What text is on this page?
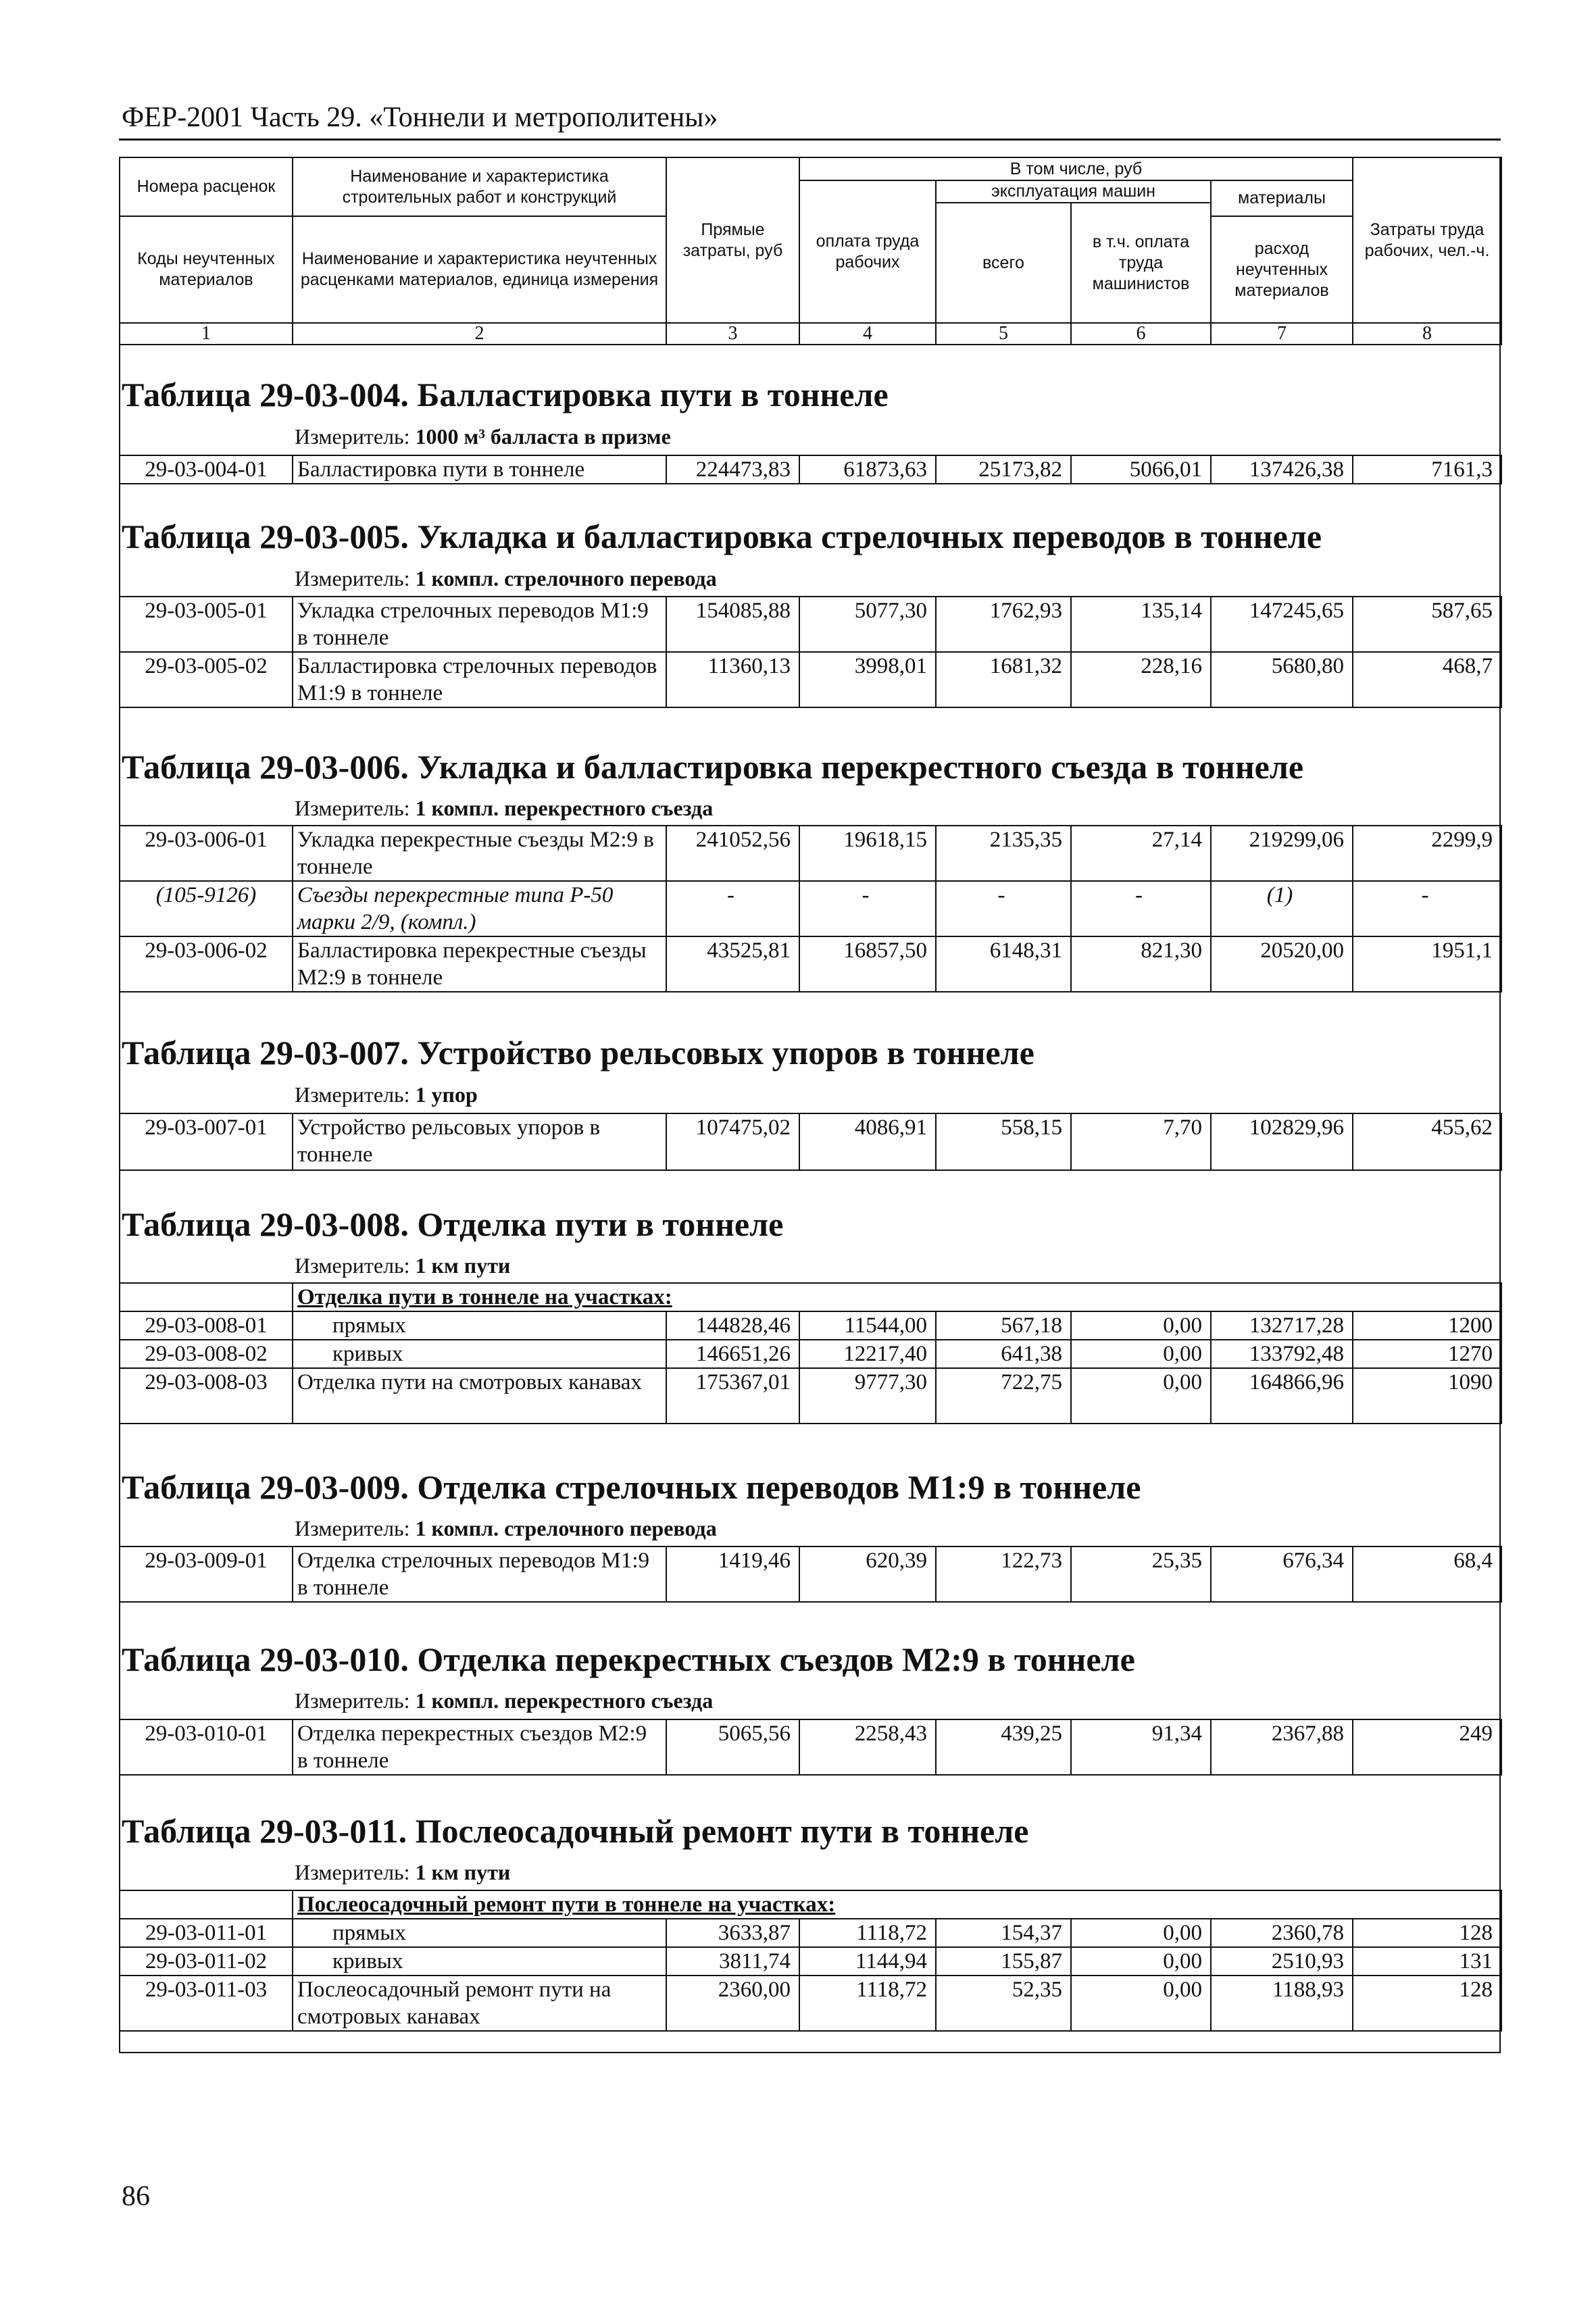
ФЕР-2001 Часть 29. «Тоннели и метрополитены»
Номера расценок	Наименование и характеристика строительных работ и конструкций	Прямые затраты, руб	В том числе, руб				Затраты труда рабочих, чел.-ч.
			оплата труда рабочих	эксплуатация машин		материалы	
				всего	в т.ч. оплата труда машинистов		
Коды неучтенных материалов	Наименование и характеристика неучтенных расценками материалов, единица измерения					расход неучтенных материалов	

1	2	3	4	5	6	7	8
Таблица 29-03-004. Балластировка пути в тоннеле
Измеритель: 1000 м³ балласта в призме
29-03-004-01	Балластировка пути в тоннеле	224473,83	61873,63	25173,82	5066,01	137426,38	7161,3
Таблица 29-03-005. Укладка и балластировка стрелочных переводов в тоннеле
Измеритель: 1 компл. стрелочного перевода
29-03-005-01	Укладка стрелочных переводов М1:9 в тоннеле	154085,88	5077,30	1762,93	135,14	147245,65	587,65
29-03-005-02	Балластировка стрелочных переводов М1:9 в тоннеле	11360,13	3998,01	1681,32	228,16	5680,80	468,7
Таблица 29-03-006. Укладка и балластировка перекрестного съезда в тоннеле
Измеритель: 1 компл. перекрестного съезда
29-03-006-01	Укладка перекрестные съезды М2:9 в тоннеле	241052,56	19618,15	2135,35	27,14	219299,06	2299,9
(105-9126)	Съезды перекрестные типа Р-50 марки 2/9, (компл.)	-	-	-	-	(1)	-
29-03-006-02	Балластировка перекрестные съезды М2:9 в тоннеле	43525,81	16857,50	6148,31	821,30	20520,00	1951,1
Таблица 29-03-007. Устройство рельсовых упоров в тоннеле
Измеритель: 1 упор
29-03-007-01	Устройство рельсовых упоров в тоннеле	107475,02	4086,91	558,15	7,70	102829,96	455,62
Таблица 29-03-008. Отделка пути в тоннеле
Измеритель: 1 км пути
	Отделка пути в тоннеле на участках:						
29-03-008-01	прямых	144828,46	11544,00	567,18	0,00	132717,28	1200
29-03-008-02	кривых	146651,26	12217,40	641,38	0,00	133792,48	1270
29-03-008-03	Отделка пути на смотровых канавах	175367,01	9777,30	722,75	0,00	164866,96	1090
Таблица 29-03-009. Отделка стрелочных переводов М1:9 в тоннеле
Измеритель: 1 компл. стрелочного перевода
29-03-009-01	Отделка стрелочных переводов М1:9 в тоннеле	1419,46	620,39	122,73	25,35	676,34	68,4
Таблица 29-03-010. Отделка перекрестных съездов М2:9 в тоннеле
Измеритель: 1 компл. перекрестного съезда
29-03-010-01	Отделка перекрестных съездов М2:9 в тоннеле	5065,56	2258,43	439,25	91,34	2367,88	249
Таблица 29-03-011. Послеосадочный ремонт пути в тоннеле
Измеритель: 1 км пути
	Послеосадочный ремонт пути в тоннеле на участках:						
29-03-011-01	прямых	3633,87	1118,72	154,37	0,00	2360,78	128
29-03-011-02	кривых	3811,74	1144,94	155,87	0,00	2510,93	131
29-03-011-03	Послеосадочный ремонт пути на смотровых канавах	2360,00	1118,72	52,35	0,00	1188,93	128
86
